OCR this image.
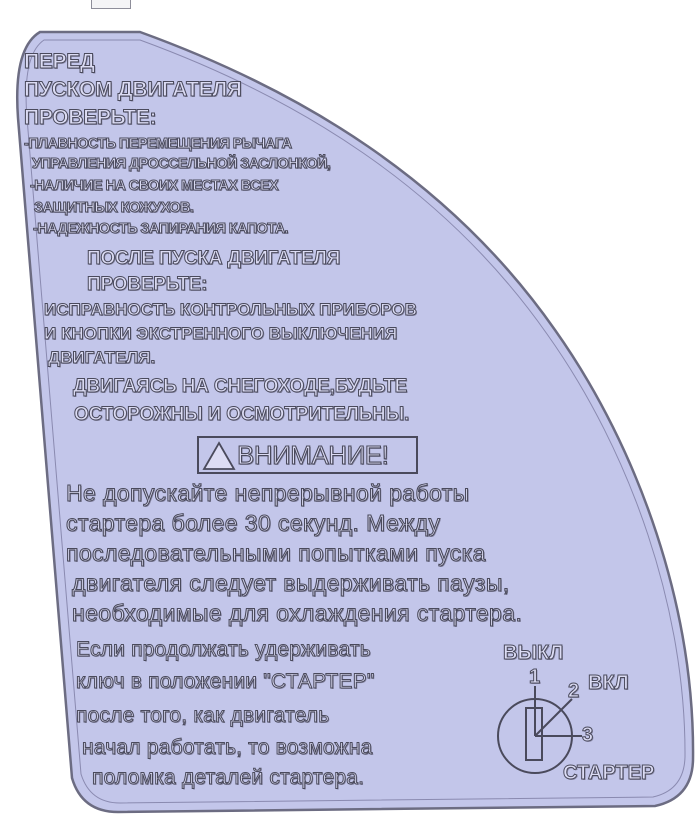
ПЕРЕД
ПУСКОМ ДВИГАТЕЛЯ
ПРОВЕРЬТЕ:
-ПЛАВНОСТЬ ПЕРЕМЕЩЕНИЯ РЫЧАГА
УПРАВЛЕНИЯ ДРОССЕЛЬНОЙ ЗАСЛОНКОЙ,
-НАЛИЧИЕ НА СВОИХ МЕСТАХ ВСЕХ
ЗАЩИТНЫХ КОЖУХОВ.
-НАДЕЖНОСТЬ ЗАПИРАНИЯ КАПОТА.
ПОСЛЕ ПУСКА ДВИГАТЕЛЯ
ПРОВЕРЬТЕ:
ИСПРАВНОСТЬ КОНТРОЛЬНЫХ ПРИБОРОВ
И КНОПКИ ЭКСТРЕННОГО ВЫКЛЮЧЕНИЯ
ДВИГАТЕЛЯ.
ДВИГАЯСЬ НА СНЕГОХОДЕ,БУДЬТЕ
ОСТОРОЖНЫ И ОСМОТРИТЕЛЬНЫ.
ВНИМАНИЕ!
Не допускайте непрерывной работы
стартера более 30 секунд. Между
последовательными попытками пуска
двигателя следует выдерживать паузы,
необходимые для охлаждения стартера.
Если продолжать удерживать
ключ в положении "СТАРТЕР"
после того, как двигатель
начал работать, то возможна
поломка деталей стартера.
ВЫКЛ
1
2 ВКЛ
3
СТАРТЕР
